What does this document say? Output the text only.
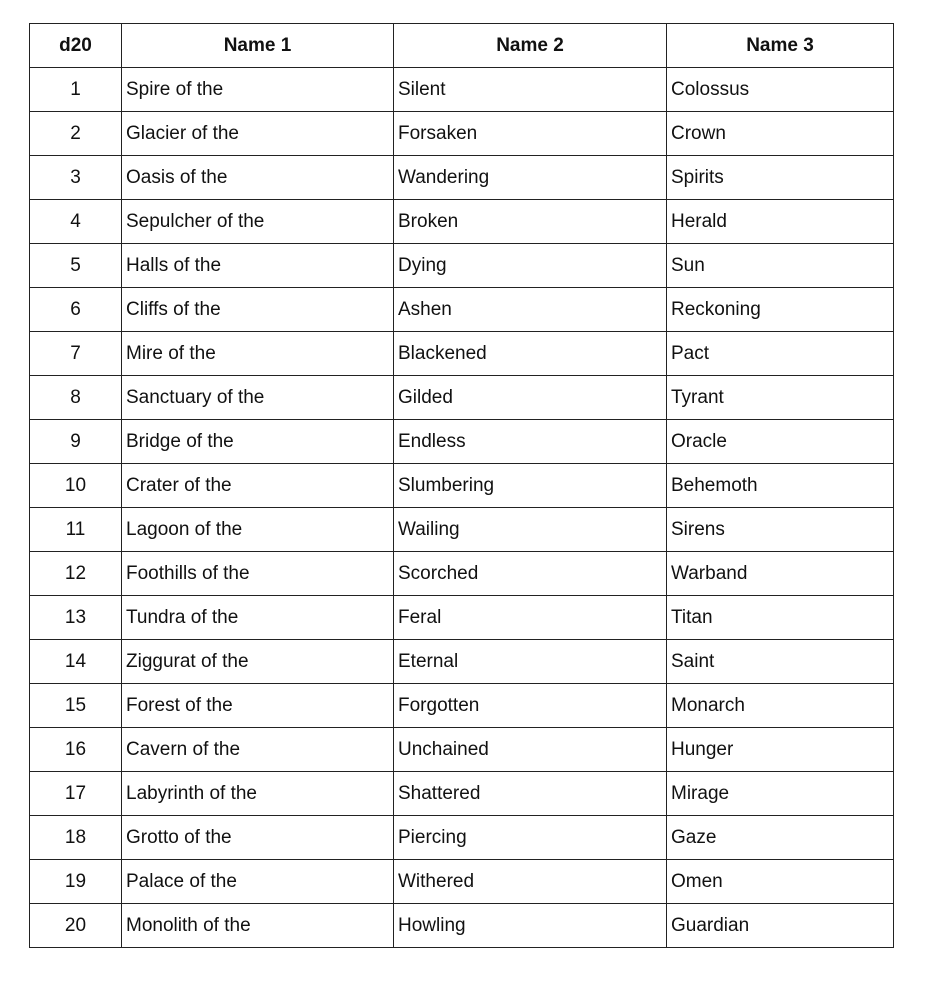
d20	Name 1	Name 2	Name 3
1	Spire of the	Silent	Colossus
2	Glacier of the	Forsaken	Crown
3	Oasis of the	Wandering	Spirits
4	Sepulcher of the	Broken	Herald
5	Halls of the	Dying	Sun
6	Cliffs of the	Ashen	Reckoning
7	Mire of the	Blackened	Pact
8	Sanctuary of the	Gilded	Tyrant
9	Bridge of the	Endless	Oracle
10	Crater of the	Slumbering	Behemoth
11	Lagoon of the	Wailing	Sirens
12	Foothills of the	Scorched	Warband
13	Tundra of the	Feral	Titan
14	Ziggurat of the	Eternal	Saint
15	Forest of the	Forgotten	Monarch
16	Cavern of the	Unchained	Hunger
17	Labyrinth of the	Shattered	Mirage
18	Grotto of the	Piercing	Gaze
19	Palace of the	Withered	Omen
20	Monolith of the	Howling	Guardian
